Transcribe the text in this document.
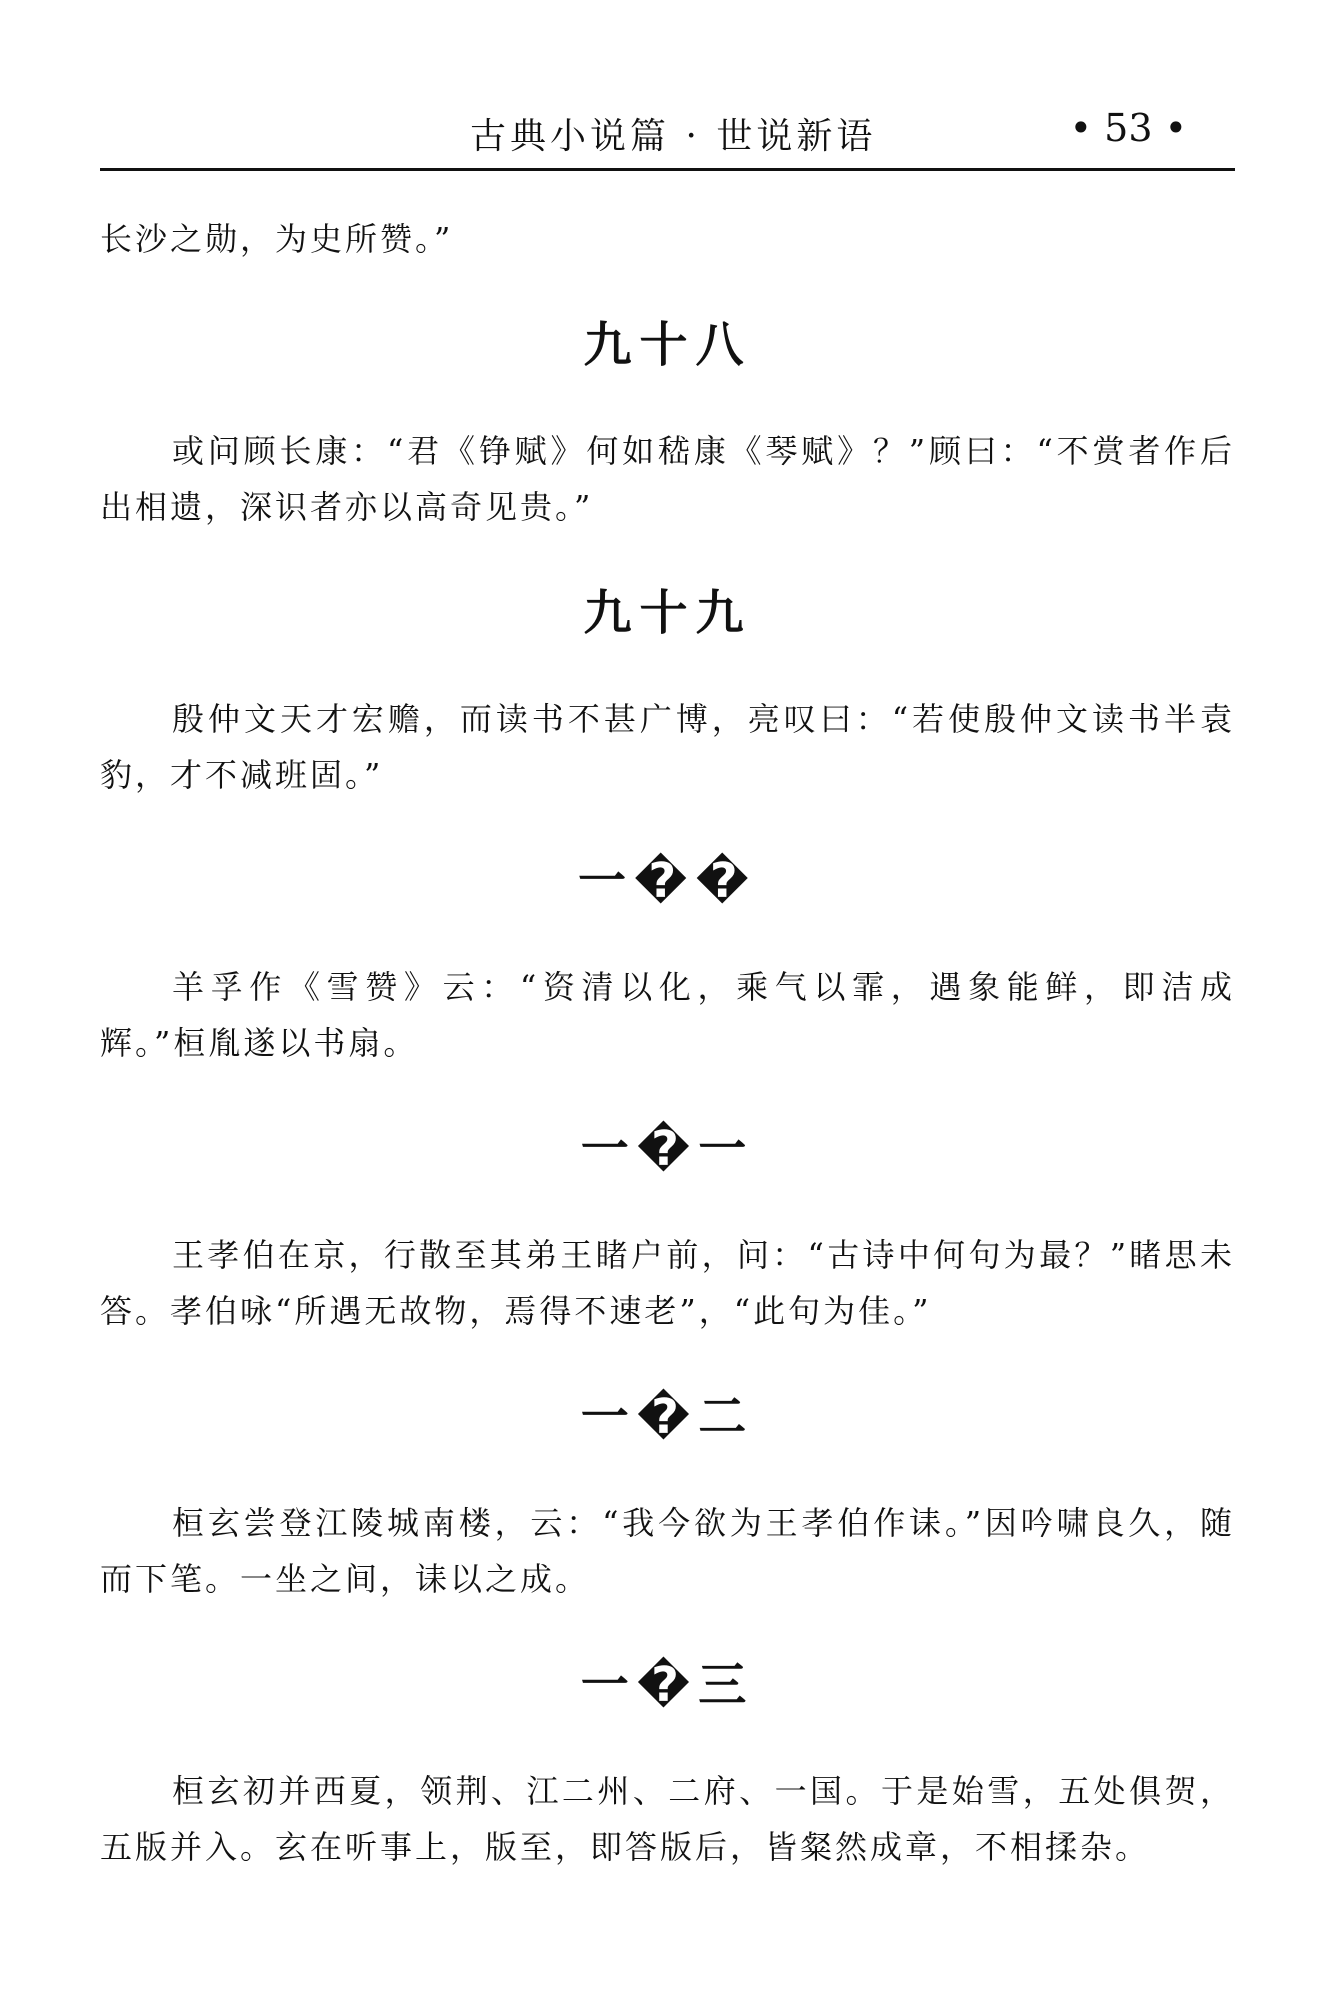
古典小说篇 · 世说新语	• 53 •

长沙之勋，为史所赞。”

九十八

或问顾长康：“君《铮赋》何如嵇康《琴赋》？”顾曰：“不赏者作后出相遗，深识者亦以高奇见贵。”

九十九

殷仲文天才宏赡，而读书不甚广博，亮叹曰：“若使殷仲文读书半袁豹，才不减班固。”

一��

羊孚作《雪赞》云：“资清以化，乘气以霏，遇象能鲜，即洁成辉。”桓胤遂以书扇。

一�一

王孝伯在京，行散至其弟王睹户前，问：“古诗中何句为最？”睹思未答。孝伯咏“所遇无故物，焉得不速老”，“此句为佳。”

一�二

桓玄尝登江陵城南楼，云：“我今欲为王孝伯作诔。”因吟啸良久，随而下笔。一坐之间，诔以之成。

一�三

桓玄初并西夏，领荆、江二州、二府、一国。于是始雪，五处俱贺，五版并入。玄在听事上，版至，即答版后，皆粲然成章，不相揉杂。
